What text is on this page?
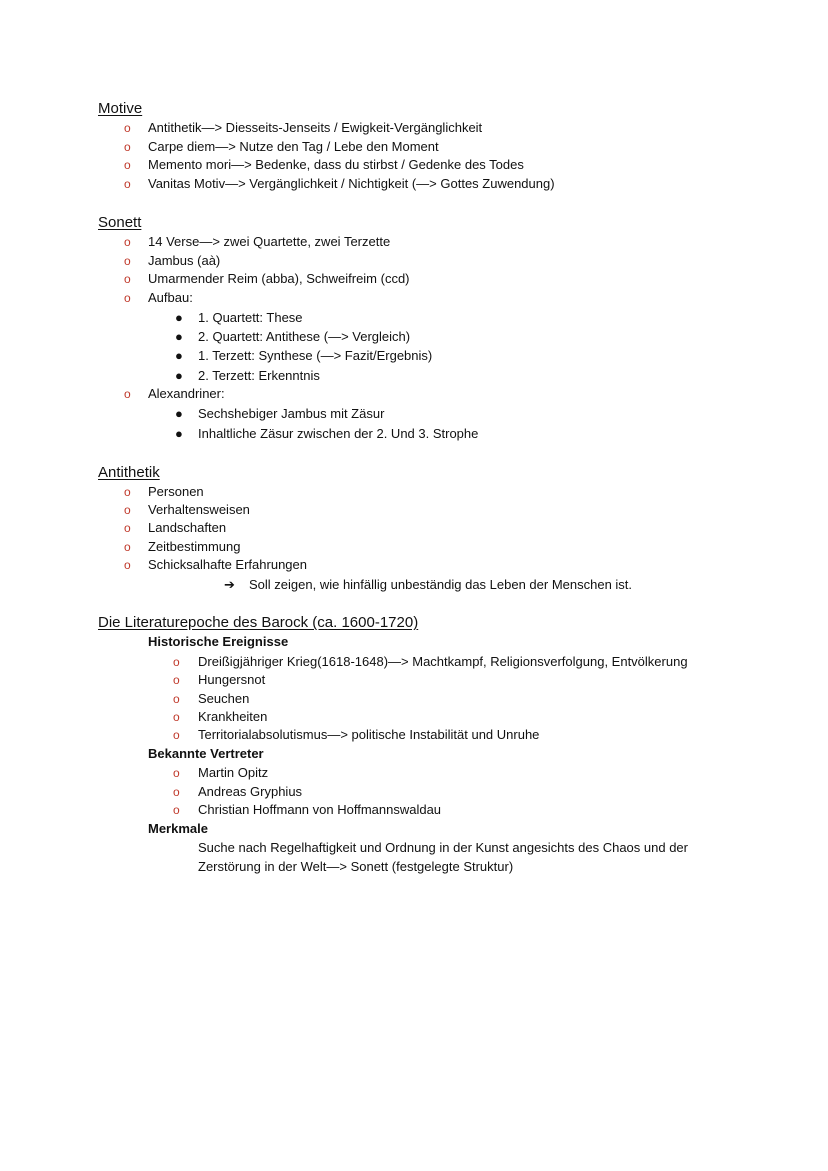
Motive
o Antithetik—> Diesseits-Jenseits / Ewigkeit-Vergänglichkeit
o Carpe diem—> Nutze den Tag / Lebe den Moment
o Memento mori—> Bedenke, dass du stirbst / Gedenke des Todes
o Vanitas Motiv—> Vergänglichkeit / Nichtigkeit (—> Gottes Zuwendung)
Sonett
o 14 Verse—> zwei Quartette, zwei Terzette
o Jambus (aà)
o Umarmender Reim (abba), Schweifreim (ccd)
o Aufbau:
● 1. Quartett: These
● 2. Quartett: Antithese (—> Vergleich)
● 1. Terzett: Synthese (—> Fazit/Ergebnis)
● 2. Terzett: Erkenntnis
o Alexandriner:
● Sechshebiger Jambus mit Zäsur
● Inhaltliche Zäsur zwischen der 2. Und 3. Strophe
Antithetik
o Personen
o Verhaltensweisen
o Landschaften
o Zeitbestimmung
o Schicksalhafte Erfahrungen
➔ Soll zeigen, wie hinfällig unbeständig das Leben der Menschen ist.
Die Literaturepoche des Barock (ca. 1600-1720)
Historische Ereignisse
o Dreißigjähriger Krieg(1618-1648)—> Machtkampf, Religionsverfolgung, Entvölkerung
o Hungersnot
o Seuchen
o Krankheiten
o Territorialabsolutismus—> politische Instabilität und Unruhe
Bekannte Vertreter
o Martin Opitz
o Andreas Gryphius
o Christian Hoffmann von Hoffmannswaldau
Merkmale
Suche nach Regelhaftigkeit und Ordnung in der Kunst angesichts des Chaos und der Zerstörung in der Welt—> Sonett (festgelegte Struktur)
